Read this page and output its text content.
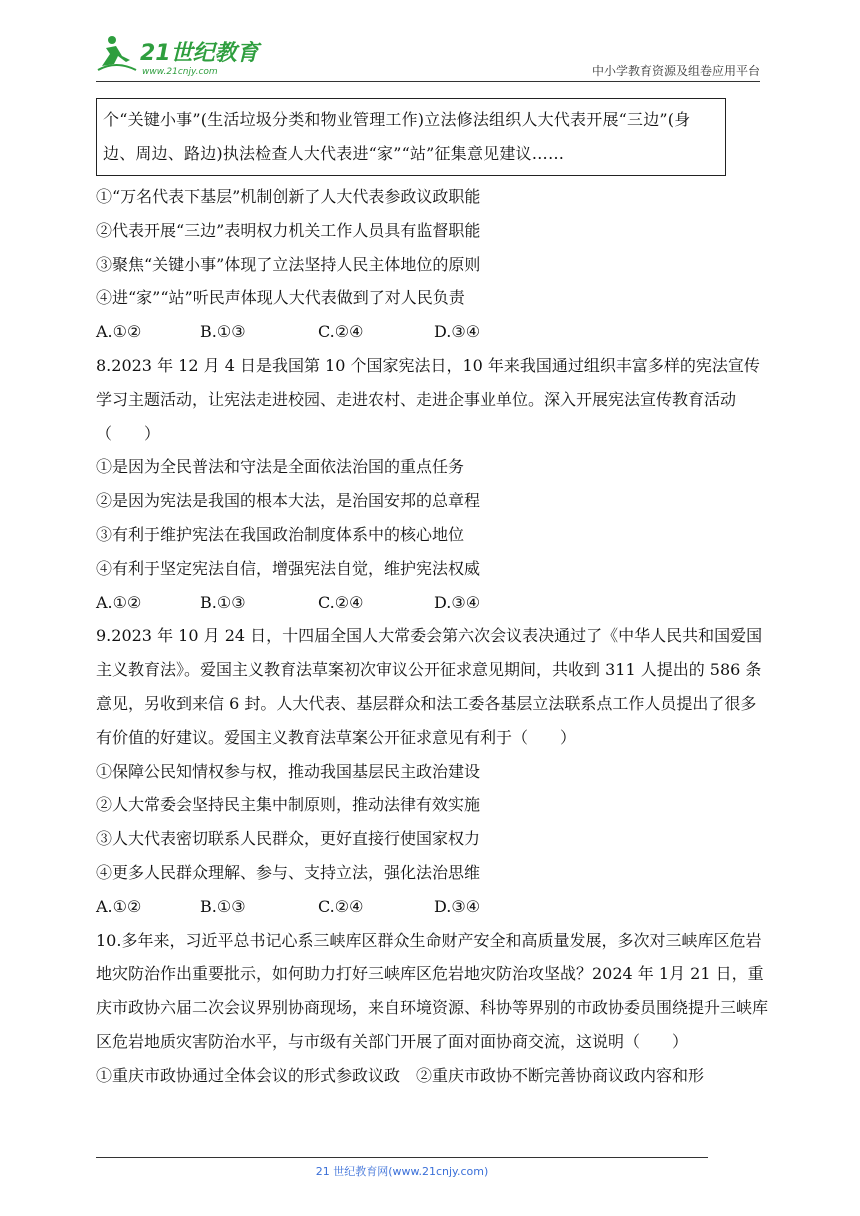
21世纪教育
www.21cnjy.com	中小学教育资源及组卷应用平台
个“关键小事”(生活垃圾分类和物业管理工作)立法修法组织人大代表开展“三边”(身边、周边、路边)执法检查人大代表进“家”“站”征集意见建议……
①“万名代表下基层”机制创新了人大代表参政议政职能
②代表开展“三边”表明权力机关工作人员具有监督职能
③聚焦“关键小事”体现了立法坚持人民主体地位的原则
④进“家”“站”听民声体现人大代表做到了对人民负责
A.①②	B.①③	C.②④	D.③④
8.2023 年 12 月 4 日是我国第 10 个国家宪法日，10 年来我国通过组织丰富多样的宪法宣传学习主题活动，让宪法走进校园、走进农村、走进企事业单位。深入开展宪法宣传教育活动（　　）
①是因为全民普法和守法是全面依法治国的重点任务
②是因为宪法是我国的根本大法，是治国安邦的总章程
③有利于维护宪法在我国政治制度体系中的核心地位
④有利于坚定宪法自信，增强宪法自觉，维护宪法权威
A.①②	B.①③	C.②④	D.③④
9.2023 年 10 月 24 日，十四届全国人大常委会第六次会议表决通过了《中华人民共和国爱国主义教育法》。爱国主义教育法草案初次审议公开征求意见期间，共收到 311 人提出的 586 条意见，另收到来信 6 封。人大代表、基层群众和法工委各基层立法联系点工作人员提出了很多有价值的好建议。爱国主义教育法草案公开征求意见有利于（　　）
①保障公民知情权参与权，推动我国基层民主政治建设
②人大常委会坚持民主集中制原则，推动法律有效实施
③人大代表密切联系人民群众，更好直接行使国家权力
④更多人民群众理解、参与、支持立法，强化法治思维
A.①②	B.①③	C.②④	D.③④
10.多年来，习近平总书记心系三峡库区群众生命财产安全和高质量发展，多次对三峡库区危岩地灾防治作出重要批示，如何助力打好三峡库区危岩地灾防治攻坚战？2024 年 1月 21 日，重庆市政协六届二次会议界别协商现场，来自环境资源、科协等界别的市政协委员围绕提升三峡库区危岩地质灾害防治水平，与市级有关部门开展了面对面协商交流，这说明（　　）
①重庆市政协通过全体会议的形式参政议政　②重庆市政协不断完善协商议政内容和形
21 世纪教育网(www.21cnjy.com)
